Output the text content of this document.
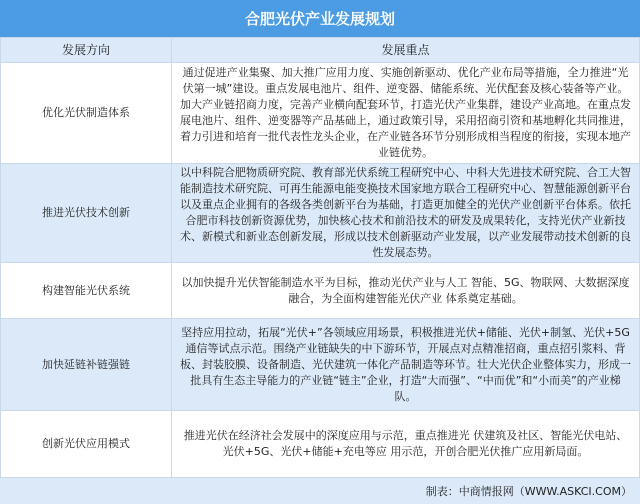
合肥光伏产业发展规划
发展方向	发展重点
优化光伏制造体系	通过促进产业集聚、加大推广应用力度、实施创新驱动、优化产业布局等措施，全力推进“光伏第一城”建设。重点发展电池片、组件、逆变器、储能系统、光伏配套及核心装备等产业。加大产业链招商力度，完善产业横向配套环节，打造光伏产业集群，建设产业高地。在重点发展电池片、组件、逆变器等产品基础上，通过政策引导，采用招商引资和基地孵化共同推进，着力引进和培育一批代表性龙头企业，在产业链各环节分别形成相当程度的衔接，实现本地产业链优势。
推进光伏技术创新	以中科院合肥物质研究院、教育部光伏系统工程研究中心、中科大先进技术研究院、合工大智能制造技术研究院、可再生能源电能变换技术国家地方联合工程研究中心、智慧能源创新平台以及重点企业拥有的各级各类创新平台为基础，打造更加健全的光伏产业创新平台体系。依托合肥市科技创新资源优势，加快核心技术和前沿技术的研发及成果转化，支持光伏产业新技术、新模式和新业态创新发展，形成以技术创新驱动产业发展，以产业发展带动技术创新的良性发展态势。
构建智能光伏系统	以加快提升光伏智能制造水平为目标，推动光伏产业与人工 智能、5G、物联网、大数据深度融合，为全面构建智能光伏产业 体系奠定基础。
加快延链补链强链	坚持应用拉动，拓展“光伏+”各领域应用场景，积极推进光伏+储能、光伏+制氢、光伏+5G通信等试点示范。围绕产业链缺失的中下游环节，开展点对点精准招商，重点招引浆料、背板、封装胶膜、设备制造、光伏建筑一体化产品制造等环节。壮大光伏企业整体实力，形成一批具有生态主导能力的产业链“链主”企业，打造“大而强”、“中而优”和“小而美”的产业梯队。
创新光伏应用模式	推进光伏在经济社会发展中的深度应用与示范，重点推进光 伏建筑及社区、智能光伏电站、光伏+5G、光伏+储能+充电等应 用示范，开创合肥光伏推广应用新局面。
制表：中商情报网（WWW.ASKCI.COM）
